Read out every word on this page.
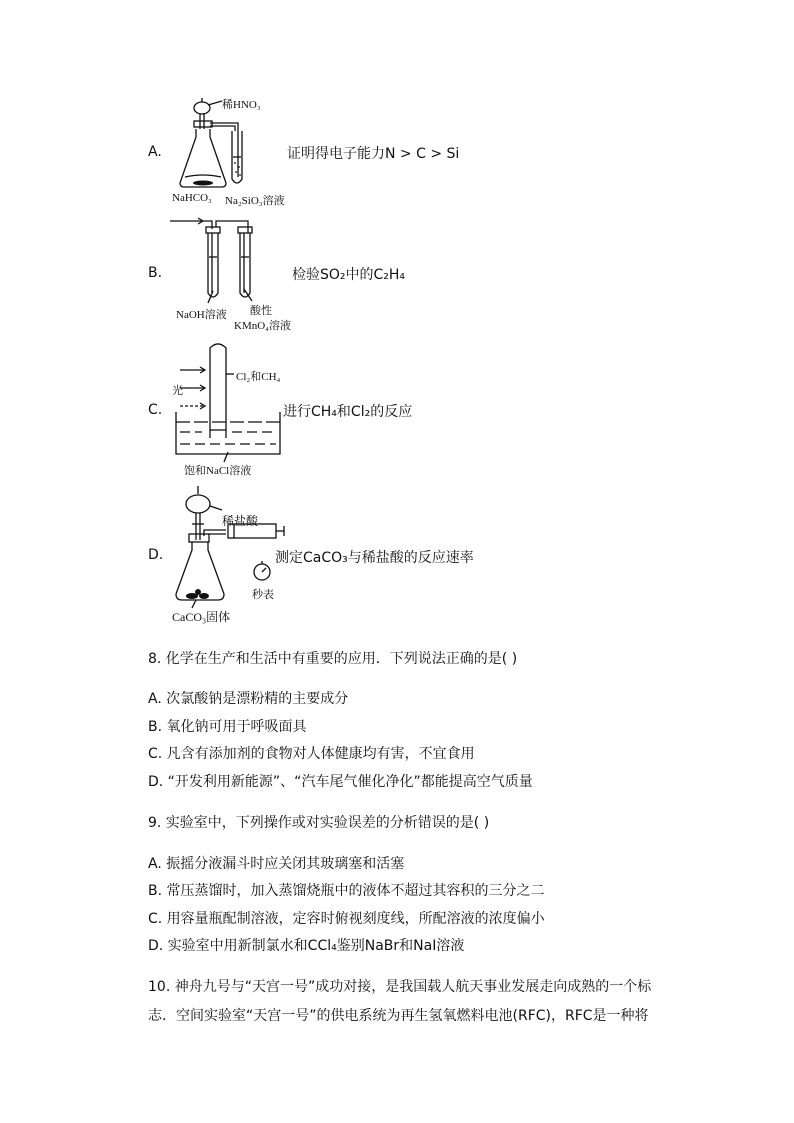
A.
稀HNO₃
NaHCO₃ Na₂SiO₃溶液
证明得电子能力N > C > Si
B.
NaOH溶液 酸性
KMnO₄溶液
检验SO₂中的C₂H₄
C.
Cl₂和CH₄
光
饱和NaCl溶液
进行CH₄和Cl₂的反应
D.
稀盐酸
秒表
CaCO₃固体
测定CaCO₃与稀盐酸的反应速率
8. 化学在生产和生活中有重要的应用．下列说法正确的是( )
A. 次氯酸钠是漂粉精的主要成分
B. 氧化钠可用于呼吸面具
C. 凡含有添加剂的食物对人体健康均有害，不宜食用
D. “开发利用新能源”、“汽车尾气催化净化”都能提高空气质量
9. 实验室中，下列操作或对实验误差的分析错误的是( )
A. 振摇分液漏斗时应关闭其玻璃塞和活塞
B. 常压蒸馏时，加入蒸馏烧瓶中的液体不超过其容积的三分之二
C. 用容量瓶配制溶液，定容时俯视刻度线，所配溶液的浓度偏小
D. 实验室中用新制氯水和CCl₄鉴别NaBr和NaI溶液
10. 神舟九号与“天宫一号”成功对接，是我国载人航天事业发展走向成熟的一个标
志．空间实验室“天宫一号”的供电系统为再生氢氧燃料电池(RFC)，RFC是一种将
